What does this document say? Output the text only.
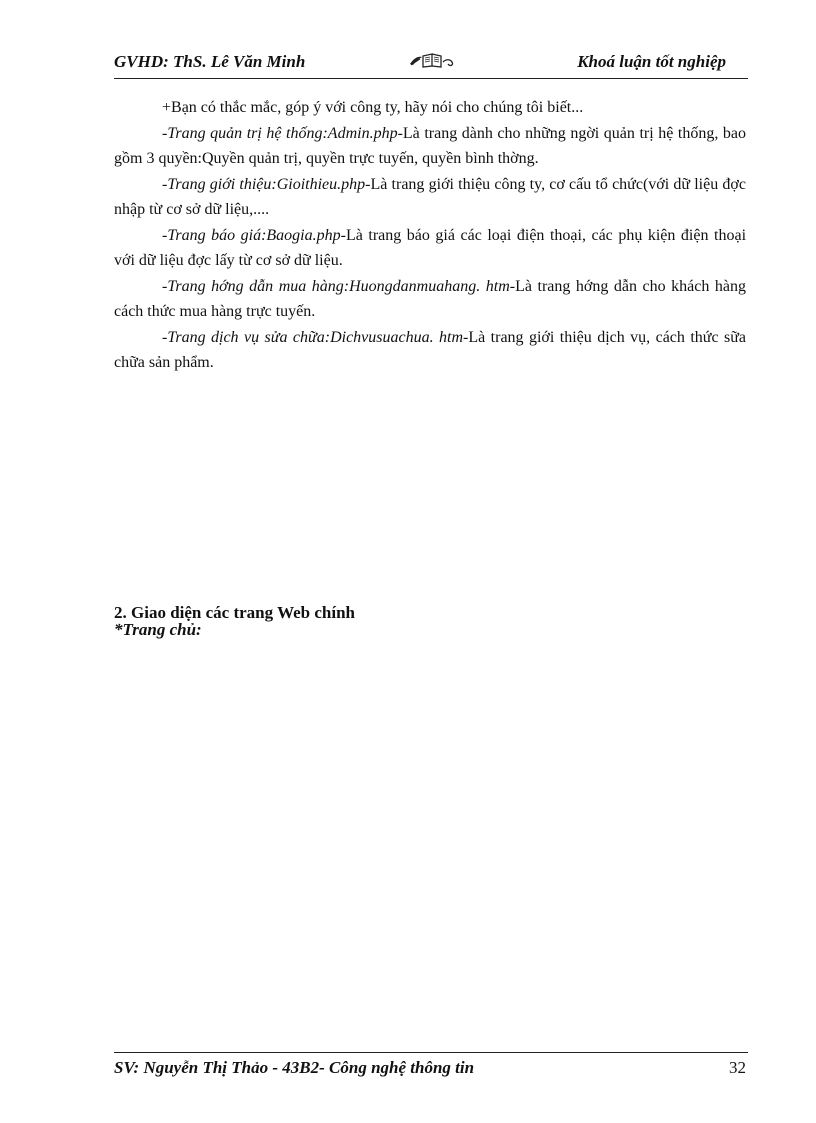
GVHD: ThS. Lê Văn Minh	Khoá luận tốt nghiệp

+Bạn có thắc mắc, góp ý với công ty, hãy nói cho chúng tôi biết...

-Trang quản trị hệ thống:Admin.php-Là trang dành cho những ngời quản trị hệ thống, bao gồm 3 quyền:Quyền quản trị, quyền trực tuyến, quyền bình thờng.

-Trang giới thiệu:Gioithieu.php-Là trang giới thiệu công ty, cơ cấu tổ chức(với dữ liệu đợc nhập từ cơ sở dữ liệu,....

-Trang báo giá:Baogia.php-Là trang báo giá các loại điện thoại, các phụ kiện điện thoại với dữ liệu đợc lấy từ cơ sở dữ liệu.

-Trang hớng dẫn mua hàng:Huongdanmuahang. htm-Là trang hớng dẫn cho khách hàng cách thức mua hàng trực tuyến.

-Trang dịch vụ sửa chữa:Dichvusuachua. htm-Là trang giới thiệu dịch vụ, cách thức sữa chữa sản phẩm.

2. Giao diện các trang Web chính
*Trang chủ:
SV: Nguyễn Thị Thảo - 43B2- Công nghệ thông tin	32
